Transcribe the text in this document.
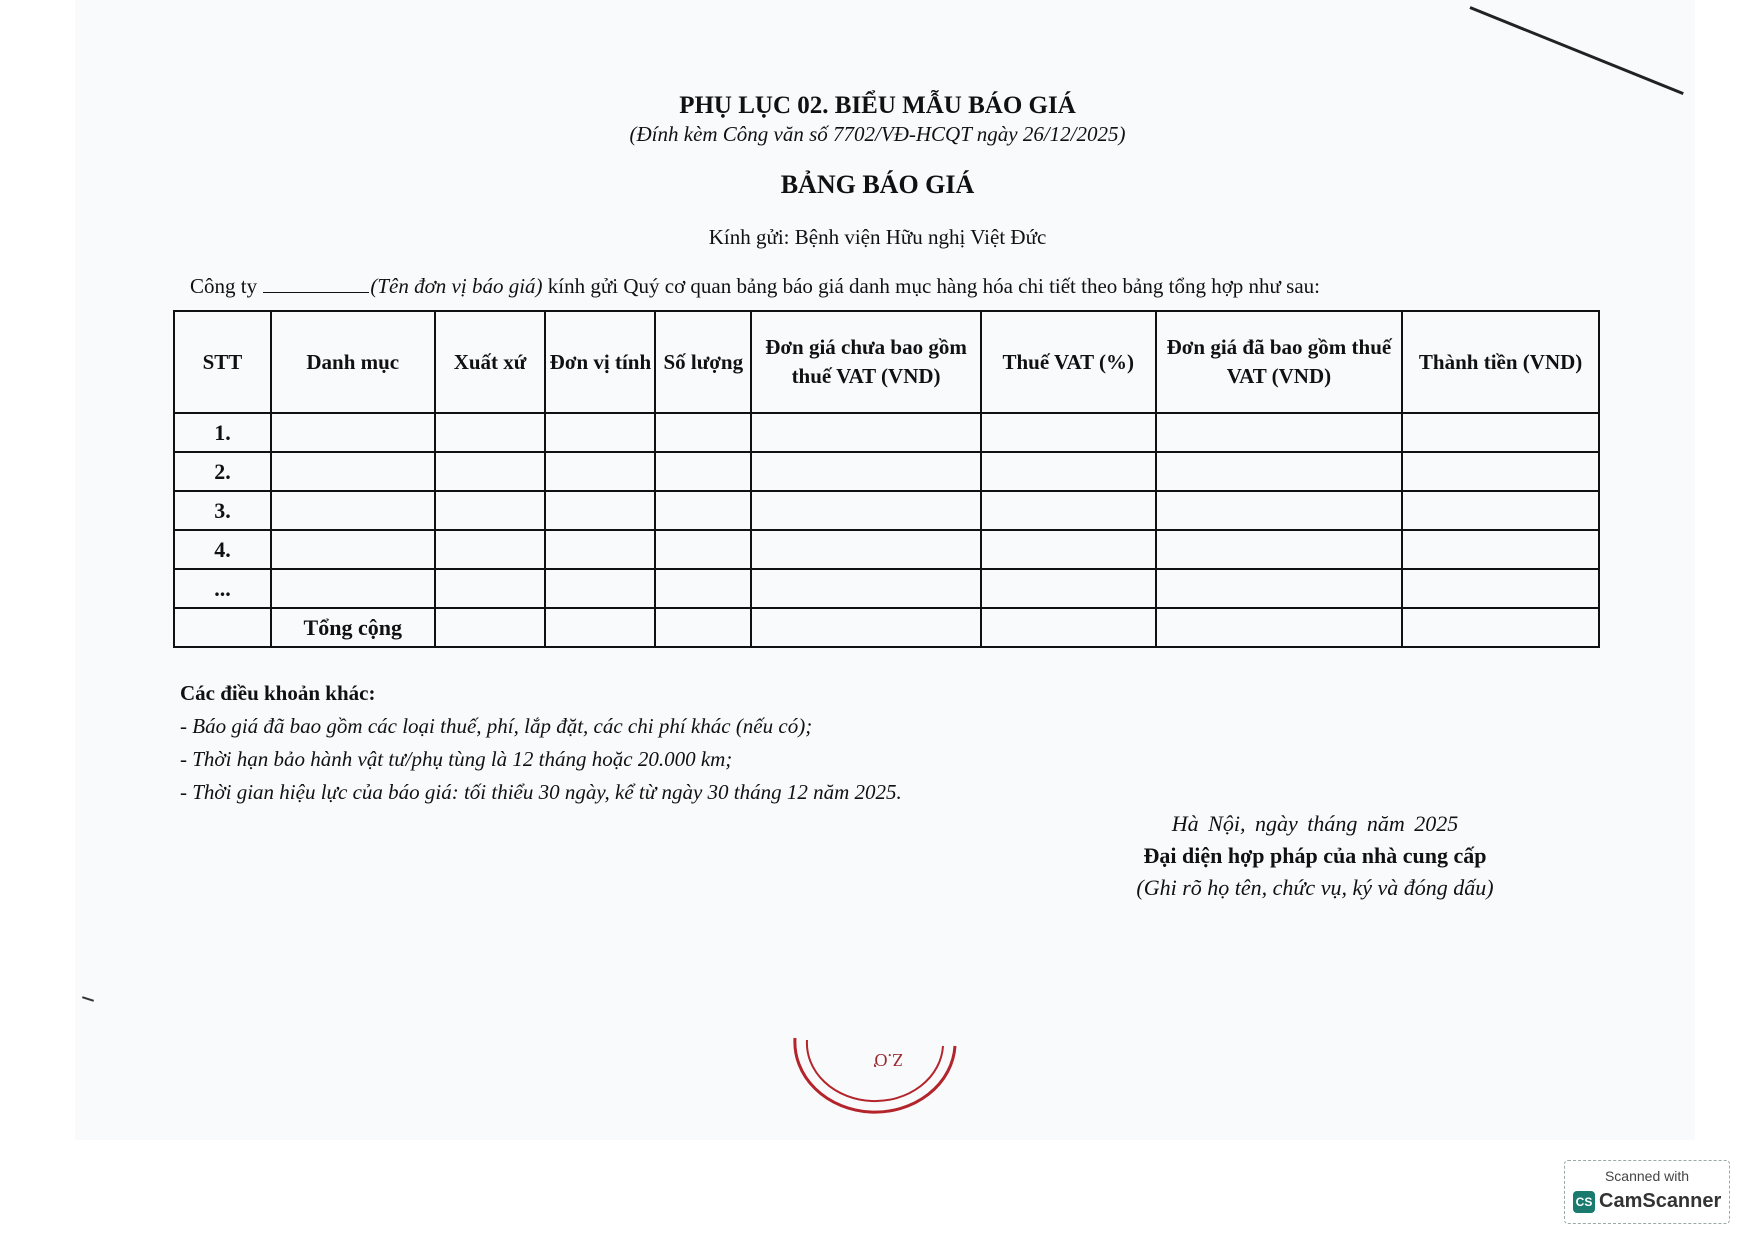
PHỤ LỤC 02. BIỂU MẪU BÁO GIÁ
(Đính kèm Công văn số 7702/VĐ-HCQT ngày 26/12/2025)
BẢNG BÁO GIÁ
Kính gửi: Bệnh viện Hữu nghị Việt Đức
Công ty	(Tên đơn vị báo giá) kính gửi Quý cơ quan bảng báo giá danh mục hàng hóa chi tiết theo bảng tổng hợp như sau:
STT	Danh mục	Xuất xứ	Đơn vị tính	Số lượng	Đơn giá chưa bao gồm thuế VAT (VND)	Thuế VAT (%)	Đơn giá đã bao gồm thuế VAT (VND)	Thành tiền (VND)
1.								
2.								
3.								
4.								
...								
	Tổng cộng							
Các điều khoản khác:
- Báo giá đã bao gồm các loại thuế, phí, lắp đặt, các chi phí khác (nếu có);
- Thời hạn bảo hành vật tư/phụ tùng là 12 tháng hoặc 20.000 km;
- Thời gian hiệu lực của báo giá: tối thiểu 30 ngày, kể từ ngày 30 tháng 12 năm 2025.
Hà Nội, ngày tháng năm 2025
Đại diện hợp pháp của nhà cung cấp
(Ghi rõ họ tên, chức vụ, ký và đóng dấu)
Z.Ơ
Scanned with
CS CamScanner
